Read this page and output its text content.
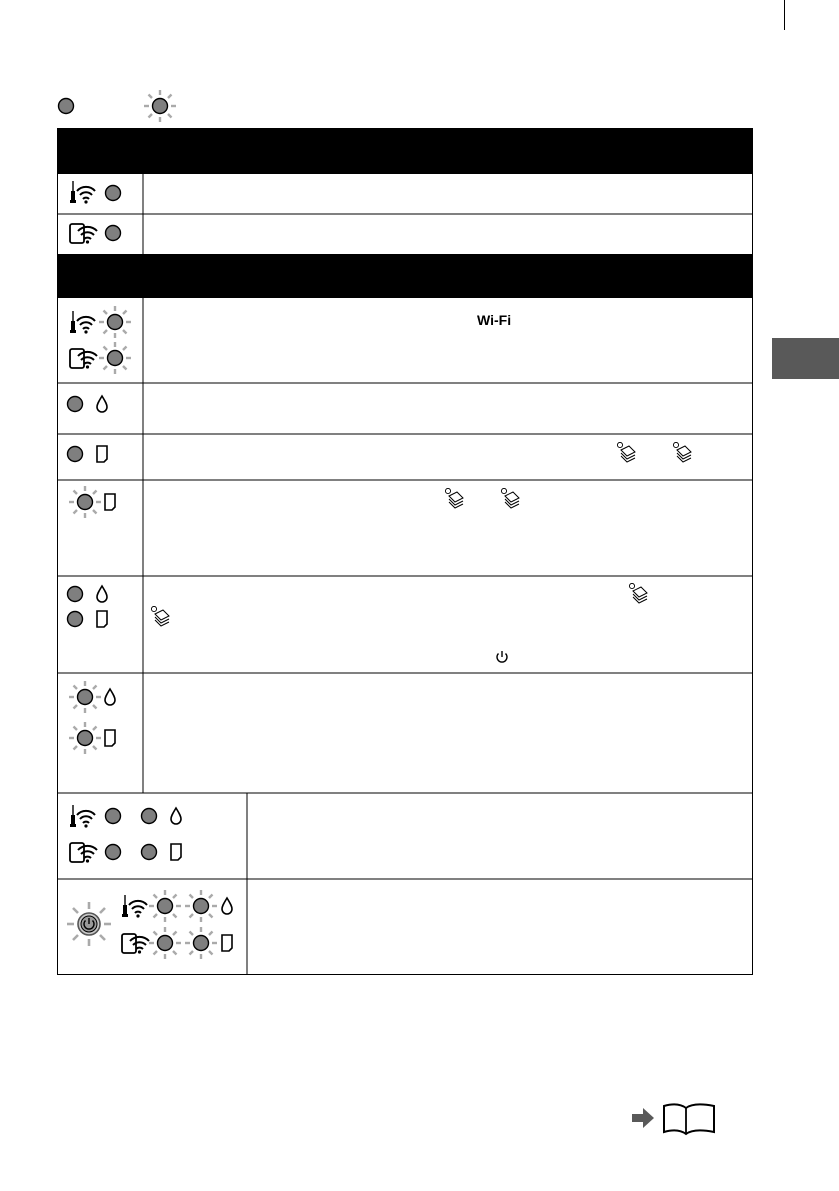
Wi-Fi
